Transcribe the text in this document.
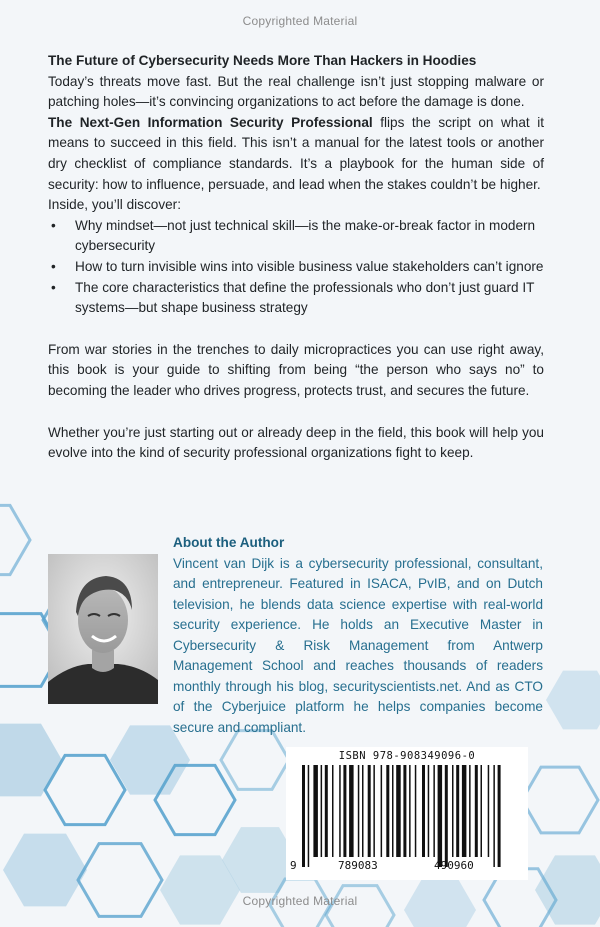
Copyrighted Material

The Future of Cybersecurity Needs More Than Hackers in Hoodies

Today’s threats move fast. But the real challenge isn’t just stopping malware or patching holes—it’s convincing organizations to act before the damage is done.

The Next-Gen Information Security Professional flips the script on what it means to succeed in this field. This isn’t a manual for the latest tools or another dry checklist of compliance standards. It’s a playbook for the human side of security: how to influence, persuade, and lead when the stakes couldn’t be higher.

Inside, you’ll discover:

• Why mindset—not just technical skill—is the make-or-break factor in modern cybersecurity
• How to turn invisible wins into visible business value stakeholders can’t ignore
• The core characteristics that define the professionals who don’t just guard IT systems—but shape business strategy

From war stories in the trenches to daily micropractices you can use right away, this book is your guide to shifting from being “the person who says no” to becoming the leader who drives progress, protects trust, and secures the future.

Whether you’re just starting out or already deep in the field, this book will help you evolve into the kind of security professional organizations fight to keep.

About the Author

Vincent van Dijk is a cybersecurity professional, consultant, and entrepreneur. Featured in ISACA, PvIB, and on Dutch television, he blends data science expertise with real-world security experience. He holds an Executive Master in Cybersecurity & Risk Management from Antwerp Management School and reaches thousands of readers monthly through his blog, securityscientists.net. And as CTO of the Cyberjuice platform he helps companies become secure and compliant.

ISBN 978-908349096-0
9	789083	490960
Copyrighted Material
